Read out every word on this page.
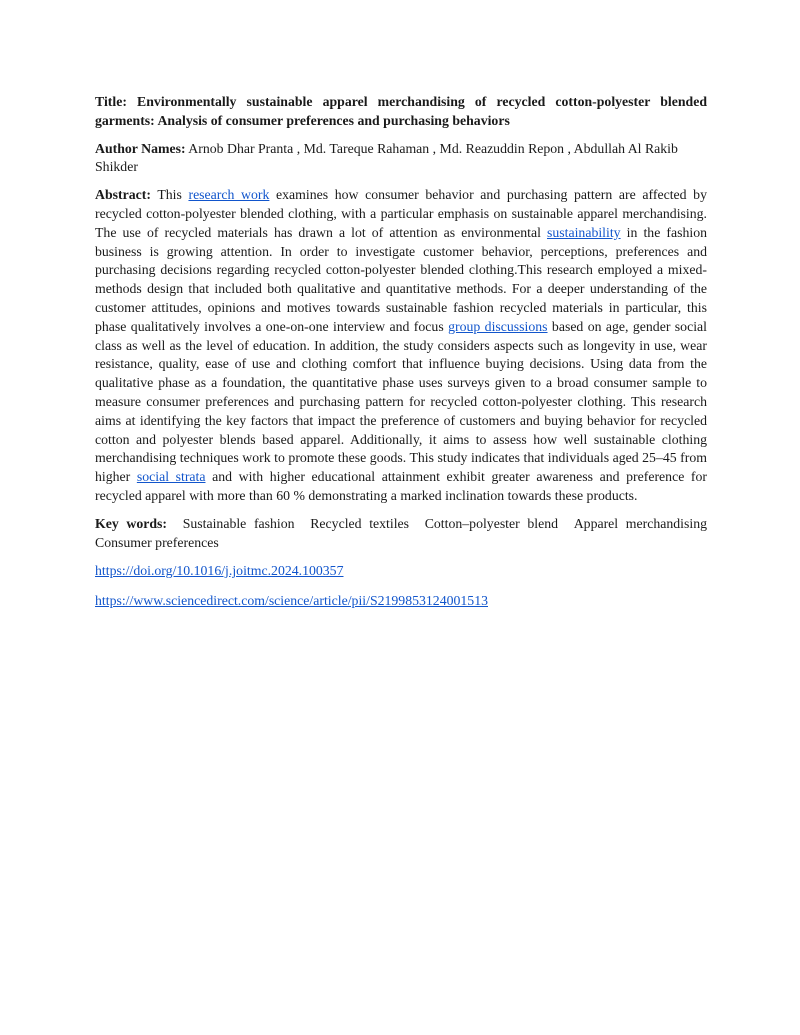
Title: Environmentally sustainable apparel merchandising of recycled cotton-polyester blended garments: Analysis of consumer preferences and purchasing behaviors

Author Names: Arnob Dhar Pranta , Md. Tareque Rahaman , Md. Reazuddin Repon , Abdullah Al Rakib Shikder

Abstract: This research work examines how consumer behavior and purchasing pattern are affected by recycled cotton-polyester blended clothing, with a particular emphasis on sustainable apparel merchandising. The use of recycled materials has drawn a lot of attention as environmental sustainability in the fashion business is growing attention. In order to investigate customer behavior, perceptions, preferences and purchasing decisions regarding recycled cotton-polyester blended clothing.This research employed a mixed-methods design that included both qualitative and quantitative methods. For a deeper understanding of the customer attitudes, opinions and motives towards sustainable fashion recycled materials in particular, this phase qualitatively involves a one-on-one interview and focus group discussions based on age, gender social class as well as the level of education. In addition, the study considers aspects such as longevity in use, wear resistance, quality, ease of use and clothing comfort that influence buying decisions. Using data from the qualitative phase as a foundation, the quantitative phase uses surveys given to a broad consumer sample to measure consumer preferences and purchasing pattern for recycled cotton-polyester clothing. This research aims at identifying the key factors that impact the preference of customers and buying behavior for recycled cotton and polyester blends based apparel. Additionally, it aims to assess how well sustainable clothing merchandising techniques work to promote these goods. This study indicates that individuals aged 25–45 from higher social strata and with higher educational attainment exhibit greater awareness and preference for recycled apparel with more than 60 % demonstrating a marked inclination towards these products.

Key words: Sustainable fashion Recycled textiles Cotton–polyester blend Apparel merchandising Consumer preferences

https://doi.org/10.1016/j.joitmc.2024.100357
https://www.sciencedirect.com/science/article/pii/S2199853124001513
